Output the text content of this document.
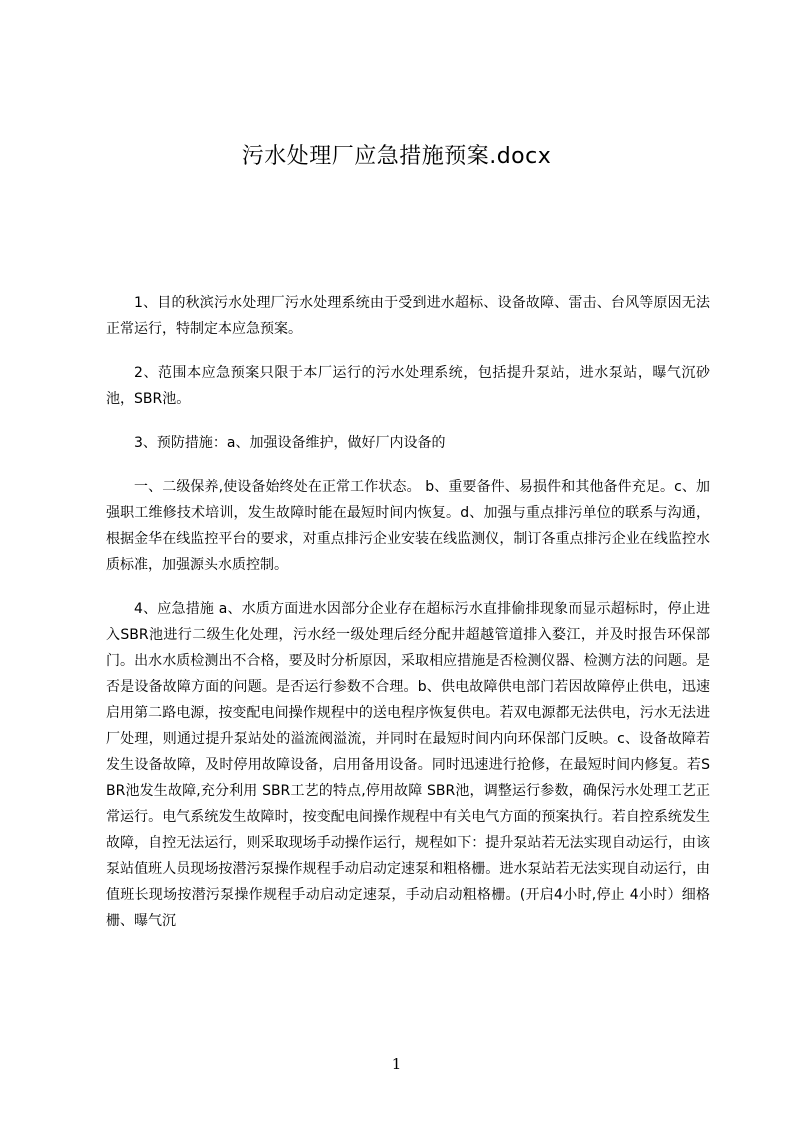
污水处理厂应急措施预案.docx

1、目的秋滨污水处理厂污水处理系统由于受到进水超标、设备故障、雷击、台风等原因无法正常运行，特制定本应急预案。

2、范围本应急预案只限于本厂运行的污水处理系统，包括提升泵站，进水泵站，曝气沉砂池，SBR池。

3、预防措施：a、加强设备维护，做好厂内设备的

一、二级保养,使设备始终处在正常工作状态。 b、重要备件、易损件和其他备件充足。c、加强职工维修技术培训，发生故障时能在最短时间内恢复。d、加强与重点排污单位的联系与沟通，根据金华在线监控平台的要求，对重点排污企业安装在线监测仪，制订各重点排污企业在线监控水质标准，加强源头水质控制。

4、应急措施 a、水质方面进水因部分企业存在超标污水直排偷排现象而显示超标时，停止进入SBR池进行二级生化处理，污水经一级处理后经分配井超越管道排入婺江，并及时报告环保部门。出水水质检测出不合格，要及时分析原因，采取相应措施是否检测仪器、检测方法的问题。是否是设备故障方面的问题。是否运行参数不合理。b、供电故障供电部门若因故障停止供电，迅速启用第二路电源，按变配电间操作规程中的送电程序恢复供电。若双电源都无法供电，污水无法进厂处理，则通过提升泵站处的溢流阀溢流，并同时在最短时间内向环保部门反映。c、设备故障若发生设备故障，及时停用故障设备，启用备用设备。同时迅速进行抢修，在最短时间内修复。若SBR池发生故障,充分利用 SBR工艺的特点,停用故障 SBR池，调整运行参数，确保污水处理工艺正常运行。电气系统发生故障时，按变配电间操作规程中有关电气方面的预案执行。若自控系统发生故障，自控无法运行，则采取现场手动操作运行，规程如下：提升泵站若无法实现自动运行，由该泵站值班人员现场按潜污泵操作规程手动启动定速泵和粗格栅。进水泵站若无法实现自动运行，由值班长现场按潜污泵操作规程手动启动定速泵，手动启动粗格栅。(开启4小时,停止 4小时）细格栅、曝气沉

1
